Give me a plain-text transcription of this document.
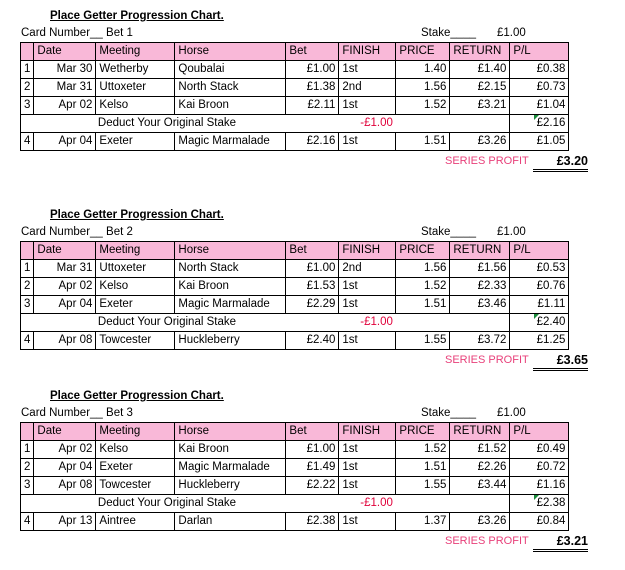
Place Getter Progression Chart.
Card Number__ Bet 1	Stake____ £1.00
	Date	Meeting	Horse	Bet	FINISH	PRICE	RETURN	P/L
1	Mar 30	Wetherby	Qoubalai	£1.00	1st	1.40	£1.40	£0.38
2	Mar 31	Uttoxeter	North Stack	£1.38	2nd	1.56	£2.15	£0.73
3	Apr 02	Kelso	Kai Broon	£2.11	1st	1.52	£3.21	£1.04
		Deduct Your Original Stake			-£1.00			£2.16
4	Apr 04	Exeter	Magic Marmalade	£2.16	1st	1.51	£3.26	£1.05
SERIES PROFIT	£3.20
Place Getter Progression Chart.
Card Number__ Bet 2	Stake____ £1.00
	Date	Meeting	Horse	Bet	FINISH	PRICE	RETURN	P/L
1	Mar 31	Uttoxeter	North Stack	£1.00	2nd	1.56	£1.56	£0.53
2	Apr 02	Kelso	Kai Broon	£1.53	1st	1.52	£2.33	£0.76
3	Apr 04	Exeter	Magic Marmalade	£2.29	1st	1.51	£3.46	£1.11
		Deduct Your Original Stake			-£1.00			£2.40
4	Apr 08	Towcester	Huckleberry	£2.40	1st	1.55	£3.72	£1.25
SERIES PROFIT	£3.65
Place Getter Progression Chart.
Card Number__ Bet 3	Stake____ £1.00
	Date	Meeting	Horse	Bet	FINISH	PRICE	RETURN	P/L
1	Apr 02	Kelso	Kai Broon	£1.00	1st	1.52	£1.52	£0.49
2	Apr 04	Exeter	Magic Marmalade	£1.49	1st	1.51	£2.26	£0.72
3	Apr 08	Towcester	Huckleberry	£2.22	1st	1.55	£3.44	£1.16
		Deduct Your Original Stake			-£1.00			£2.38
4	Apr 13	Aintree	Darlan	£2.38	1st	1.37	£3.26	£0.84
SERIES PROFIT	£3.21
